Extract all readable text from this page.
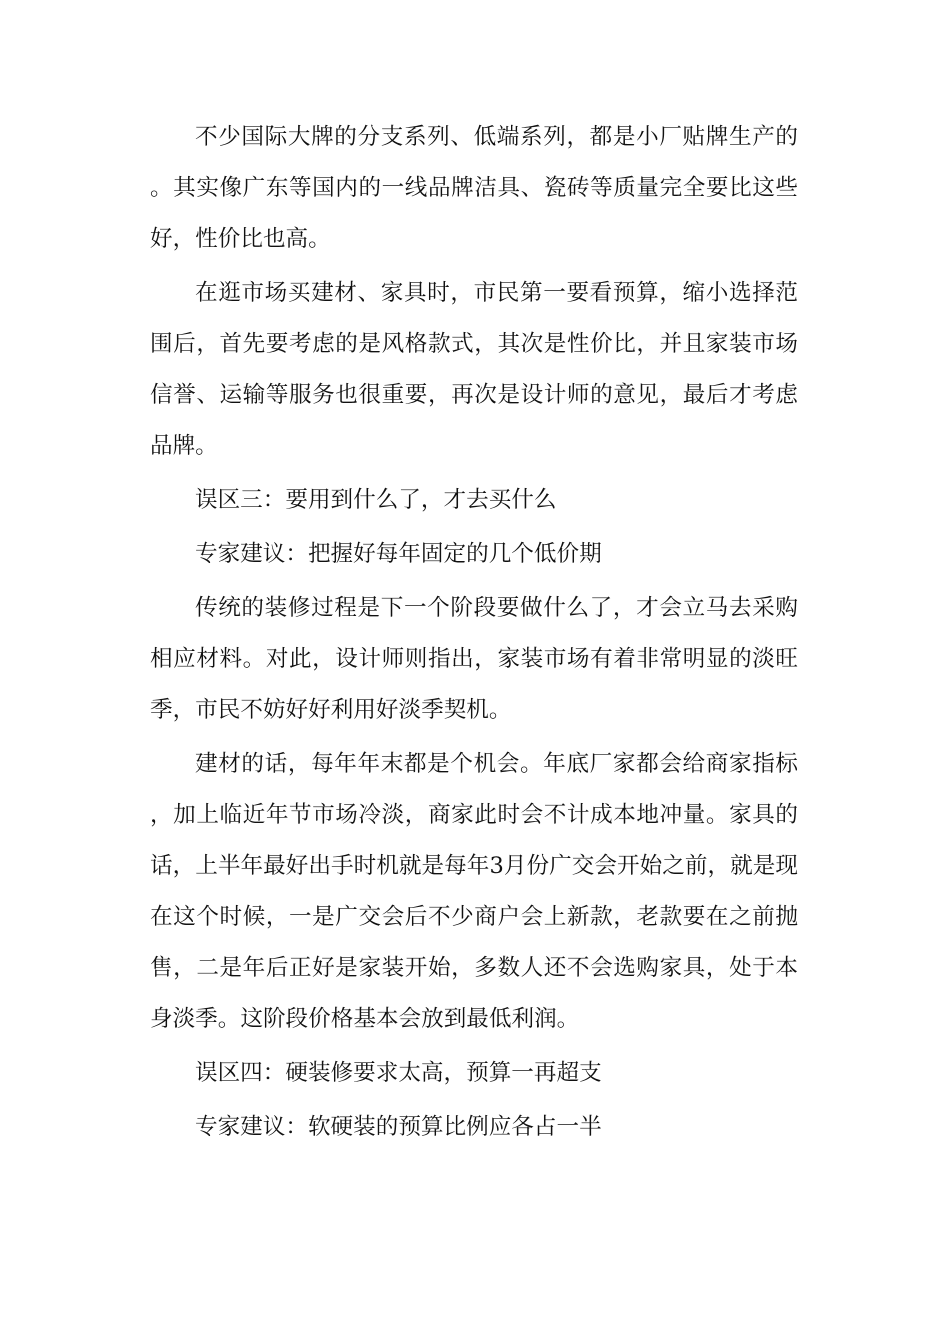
不少国际大牌的分支系列、低端系列，都是小厂贴牌生产的。其实像广东等国内的一线品牌洁具、瓷砖等质量完全要比这些好，性价比也高。

在逛市场买建材、家具时，市民第一要看预算，缩小选择范围后，首先要考虑的是风格款式，其次是性价比，并且家装市场信誉、运输等服务也很重要，再次是设计师的意见，最后才考虑品牌。

误区三：要用到什么了，才去买什么

专家建议：把握好每年固定的几个低价期

传统的装修过程是下一个阶段要做什么了，才会立马去采购相应材料。对此，设计师则指出，家装市场有着非常明显的淡旺季，市民不妨好好利用好淡季契机。

建材的话，每年年末都是个机会。年底厂家都会给商家指标，加上临近年节市场冷淡，商家此时会不计成本地冲量。家具的话，上半年最好出手时机就是每年3月份广交会开始之前，就是现在这个时候，一是广交会后不少商户会上新款，老款要在之前抛售，二是年后正好是家装开始，多数人还不会选购家具，处于本身淡季。这阶段价格基本会放到最低利润。

误区四：硬装修要求太高，预算一再超支

专家建议：软硬装的预算比例应各占一半
